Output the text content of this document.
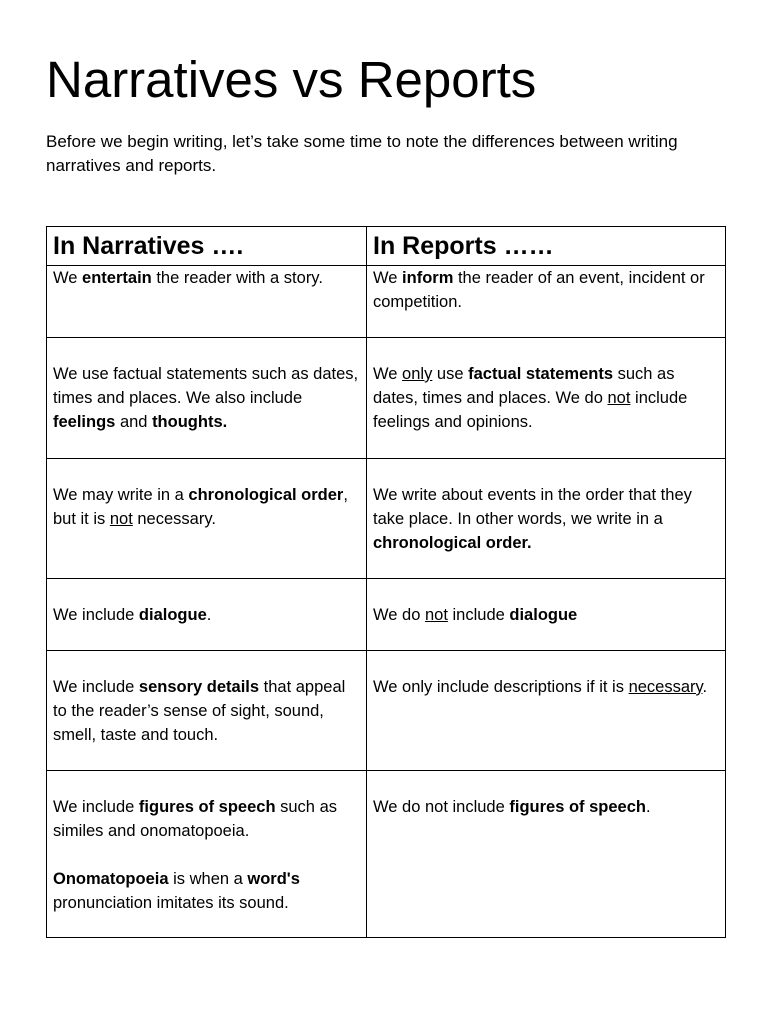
Narratives vs Reports

Before we begin writing, let’s take some time to note the differences between writing narratives and reports.

In Narratives ….	In Reports ……

We entertain the reader with a story.	We inform the reader of an event, incident or competition.

We use factual statements such as dates, times and places. We also include feelings and thoughts.	We only use factual statements such as dates, times and places. We do not include feelings and opinions.

We may write in a chronological order, but it is not necessary.	We write about events in the order that they take place. In other words, we write in a chronological order.

We include dialogue.	We do not include dialogue

We include sensory details that appeal to the reader’s sense of sight, sound, smell, taste and touch.	We only include descriptions if it is necessary.

We include figures of speech such as similes and onomatopoeia.
Onomatopoeia is when a word's pronunciation imitates its sound.	We do not include figures of speech.
